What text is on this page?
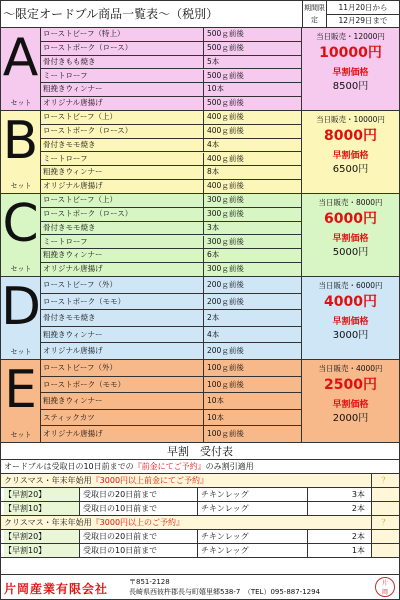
～限定オードブル商品一覧表～（税別）	期間限定
11月20日から
12月29日まで
A
セット
ローストビーフ（特上）	500ｇ前後
ローストポーク（ロース）	500ｇ前後
骨付きもも焼き	5本
ミートローフ	500ｇ前後
粗挽きウィンナー	10本
オリジナル唐揚げ	500ｇ前後
当日販売・12000円
10000円
早割価格
8500円
B
セット
ローストビーフ（上）	400ｇ前後
ローストポーク（ロース）	400ｇ前後
骨付きモモ焼き	4本
ミートローフ	400ｇ前後
粗挽きウィンナー	8本
オリジナル唐揚げ	400ｇ前後
当日販売・10000円
8000円
早割価格
6500円
C
セット
ローストビーフ（上）	300ｇ前後
ローストポーク（ロース）	300ｇ前後
骨付きモモ焼き	3本
ミートローフ	300ｇ前後
粗挽きウィンナー	6本
オリジナル唐揚げ	300ｇ前後
当日販売・8000円
6000円
早割価格
5000円
D
セット
ローストビーフ（外）	200ｇ前後
ローストポーク（モモ）	200ｇ前後
骨付きモモ焼き	2本
粗挽きウィンナー	4本
オリジナル唐揚げ	200ｇ前後
当日販売・6000円
4000円
早割価格
3000円
E
セット
ローストビーフ（外）	100ｇ前後
ローストポーク（モモ）	100ｇ前後
粗挽きウィンナー	10本
スティックカツ	10本
オリジナル唐揚げ	100ｇ前後
当日販売・4000円
2500円
早割価格
2000円
早割　受付表
オードブルは受取日の10日前までの『前金にてご予約』のみ割引適用
クリスマス・年末年始用『3000円以上前金にてご予約』	？
【早割20】	受取日の20日前まで	チキンレッグ	3本
【早割10】	受取日の10日前まで	チキンレッグ	2本
クリスマス・年末年始用『3000円以上のご予約』	？
【早割20】	受取日の20日前まで	チキンレッグ	2本
【早割10】	受取日の10日前まで	チキンレッグ	1本
片岡産業有限会社	〒851-2128
長崎県西彼杵郡長与町嬉里郷538-7　（TEL）095-887-1294
片
岡
